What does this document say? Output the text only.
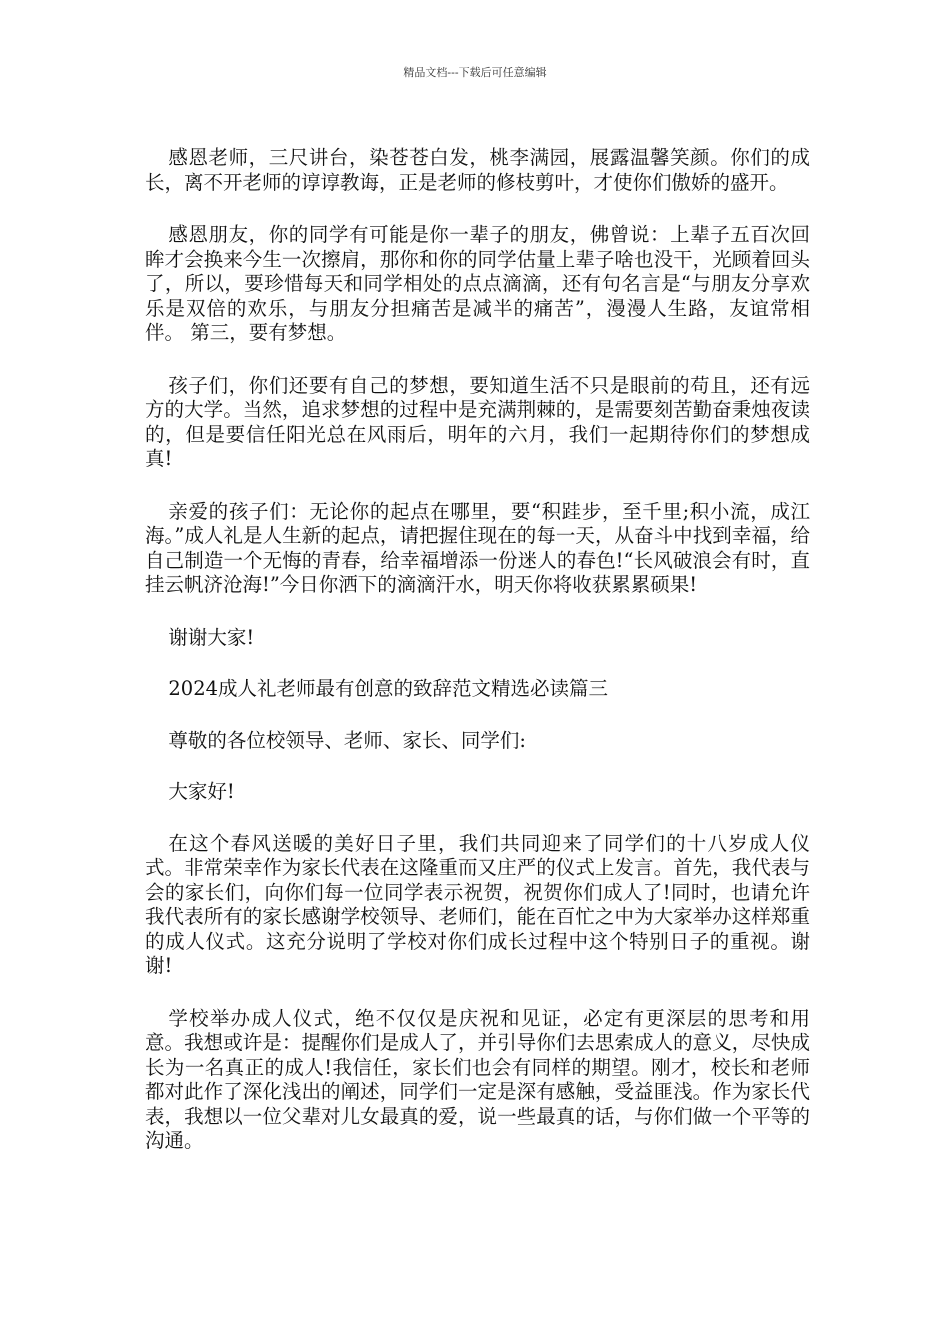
精品文档---下载后可任意编辑

感恩老师，三尺讲台，染苍苍白发，桃李满园，展露温馨笑颜。你们的成长，离不开老师的谆谆教诲，正是老师的修枝剪叶，才使你们傲娇的盛开。

感恩朋友，你的同学有可能是你一辈子的朋友，佛曾说：上辈子五百次回眸才会换来今生一次擦肩，那你和你的同学估量上辈子啥也没干，光顾着回头了，所以，要珍惜每天和同学相处的点点滴滴，还有句名言是“与朋友分享欢乐是双倍的欢乐，与朋友分担痛苦是减半的痛苦”，漫漫人生路，友谊常相伴。 第三，要有梦想。

孩子们，你们还要有自己的梦想，要知道生活不只是眼前的苟且，还有远方的大学。当然，追求梦想的过程中是充满荆棘的，是需要刻苦勤奋秉烛夜读的，但是要信任阳光总在风雨后，明年的六月，我们一起期待你们的梦想成真!

亲爱的孩子们：无论你的起点在哪里，要“积跬步，至千里;积小流，成江海。”成人礼是人生新的起点，请把握住现在的每一天，从奋斗中找到幸福，给自己制造一个无悔的青春，给幸福增添一份迷人的春色!“长风破浪会有时，直挂云帆济沧海!”今日你洒下的滴滴汗水，明天你将收获累累硕果!

谢谢大家!

2024成人礼老师最有创意的致辞范文精选必读篇三

尊敬的各位校领导、老师、家长、同学们:

大家好!

在这个春风送暖的美好日子里，我们共同迎来了同学们的十八岁成人仪式。非常荣幸作为家长代表在这隆重而又庄严的仪式上发言。首先，我代表与会的家长们，向你们每一位同学表示祝贺，祝贺你们成人了!同时，也请允许我代表所有的家长感谢学校领导、老师们，能在百忙之中为大家举办这样郑重的成人仪式。这充分说明了学校对你们成长过程中这个特别日子的重视。谢谢!

学校举办成人仪式，绝不仅仅是庆祝和见证，必定有更深层的思考和用意。我想或许是：提醒你们是成人了，并引导你们去思索成人的意义，尽快成长为一名真正的成人!我信任，家长们也会有同样的期望。刚才，校长和老师都对此作了深化浅出的阐述，同学们一定是深有感触，受益匪浅。作为家长代表，我想以一位父辈对儿女最真的爱，说一些最真的话，与你们做一个平等的沟通。
